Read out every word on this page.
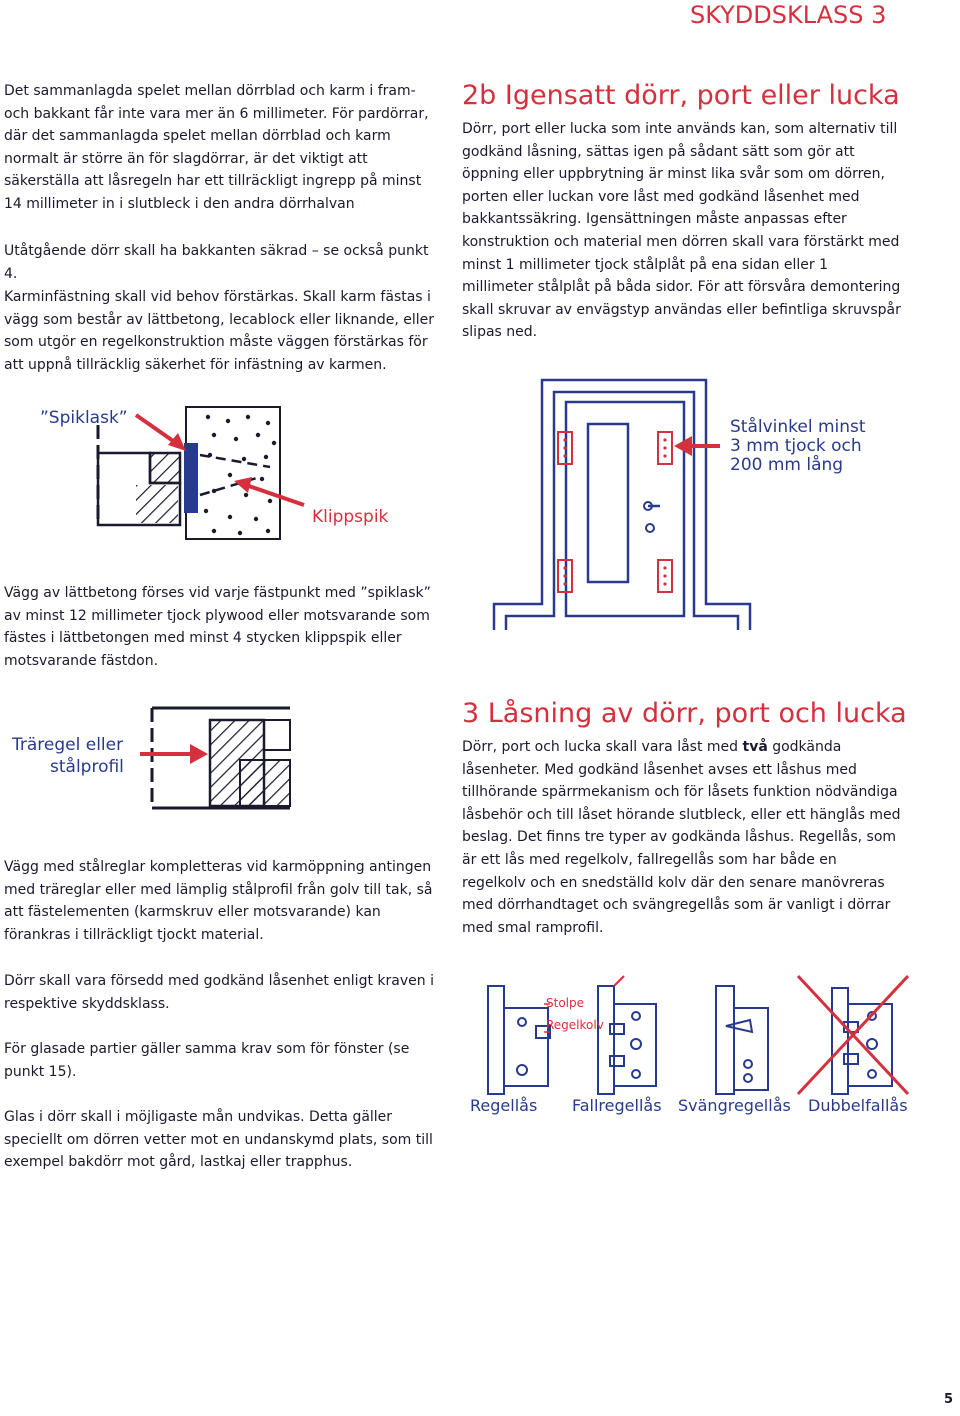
SKYDDSKLASS 3

Det sammanlagda spelet mellan dörrblad och karm i fram- och bakkant får inte vara mer än 6 millimeter. För pardörrar, där det sammanlagda spelet mellan dörrblad och karm normalt är större än för slagdörrar, är det viktigt att säkerställa att låsregeln har ett tillräckligt ingrepp på minst 14 millimeter in i slutbleck i den andra dörrhalvan

Utåtgående dörr skall ha bakkanten säkrad – se också punkt 4.

Karminfästning skall vid behov förstärkas. Skall karm fästas i vägg som består av lättbetong, lecablock eller liknande, eller som utgör en regelkonstruktion måste väggen förstärkas för att uppnå tillräcklig säkerhet för infästning av karmen.

”Spiklask”
Klippspik

Vägg av lättbetong förses vid varje fästpunkt med ”spiklask” av minst 12 millimeter tjock plywood eller motsvarande som fästes i lättbetongen med minst 4 stycken klippspik eller motsvarande fästdon.

Träregel eller
stålprofil

Vägg med stålreglar kompletteras vid karmöppning antingen med träreglar eller med lämplig stålprofil från golv till tak, så att fästelementen (karmskruv eller motsvarande) kan förankras i tillräckligt tjockt material.

Dörr skall vara försedd med godkänd låsenhet enligt kraven i respektive skyddsklass.

För glasade partier gäller samma krav som för fönster (se punkt 15).

Glas i dörr skall i möjligaste mån undvikas. Detta gäller speciellt om dörren vetter mot en undanskymd plats, som till exempel bakdörr mot gård, lastkaj eller trapphus.

2b Igensatt dörr, port eller lucka

Dörr, port eller lucka som inte används kan, som alternativ till godkänd låsning, sättas igen på sådant sätt som gör att öppning eller uppbrytning är minst lika svår som om dörren, porten eller luckan vore låst med godkänd låsenhet med bakkantssäkring. Igensättningen måste anpassas efter konstruktion och material men dörren skall vara förstärkt med minst 1 millimeter tjock stålplåt på ena sidan eller 1 millimeter stålplåt på båda sidor. För att försvåra demontering skall skruvar av envägstyp användas eller befintliga skruvspår slipas ned.

Stålvinkel minst
3 mm tjock och
200 mm lång
3 Låsning av dörr, port och lucka

Dörr, port och lucka skall vara låst med två godkända låsenheter. Med godkänd låsenhet avses ett låshus med tillhörande spärrmekanism och för låsets funktion nödvändiga låsbehör och till låset hörande slutbleck, eller ett hänglås med beslag. Det finns tre typer av godkända låshus. Regellås, som är ett lås med regelkolv, fallregellås som har både en regelkolv och en snedställd kolv där den senare manövreras med dörrhandtaget och svängregellås som är vanligt i dörrar med smal ramprofil.

Stolpe
Regelkolv
Regellås Fallregellås Svängregellås Dubbelfallås
5
